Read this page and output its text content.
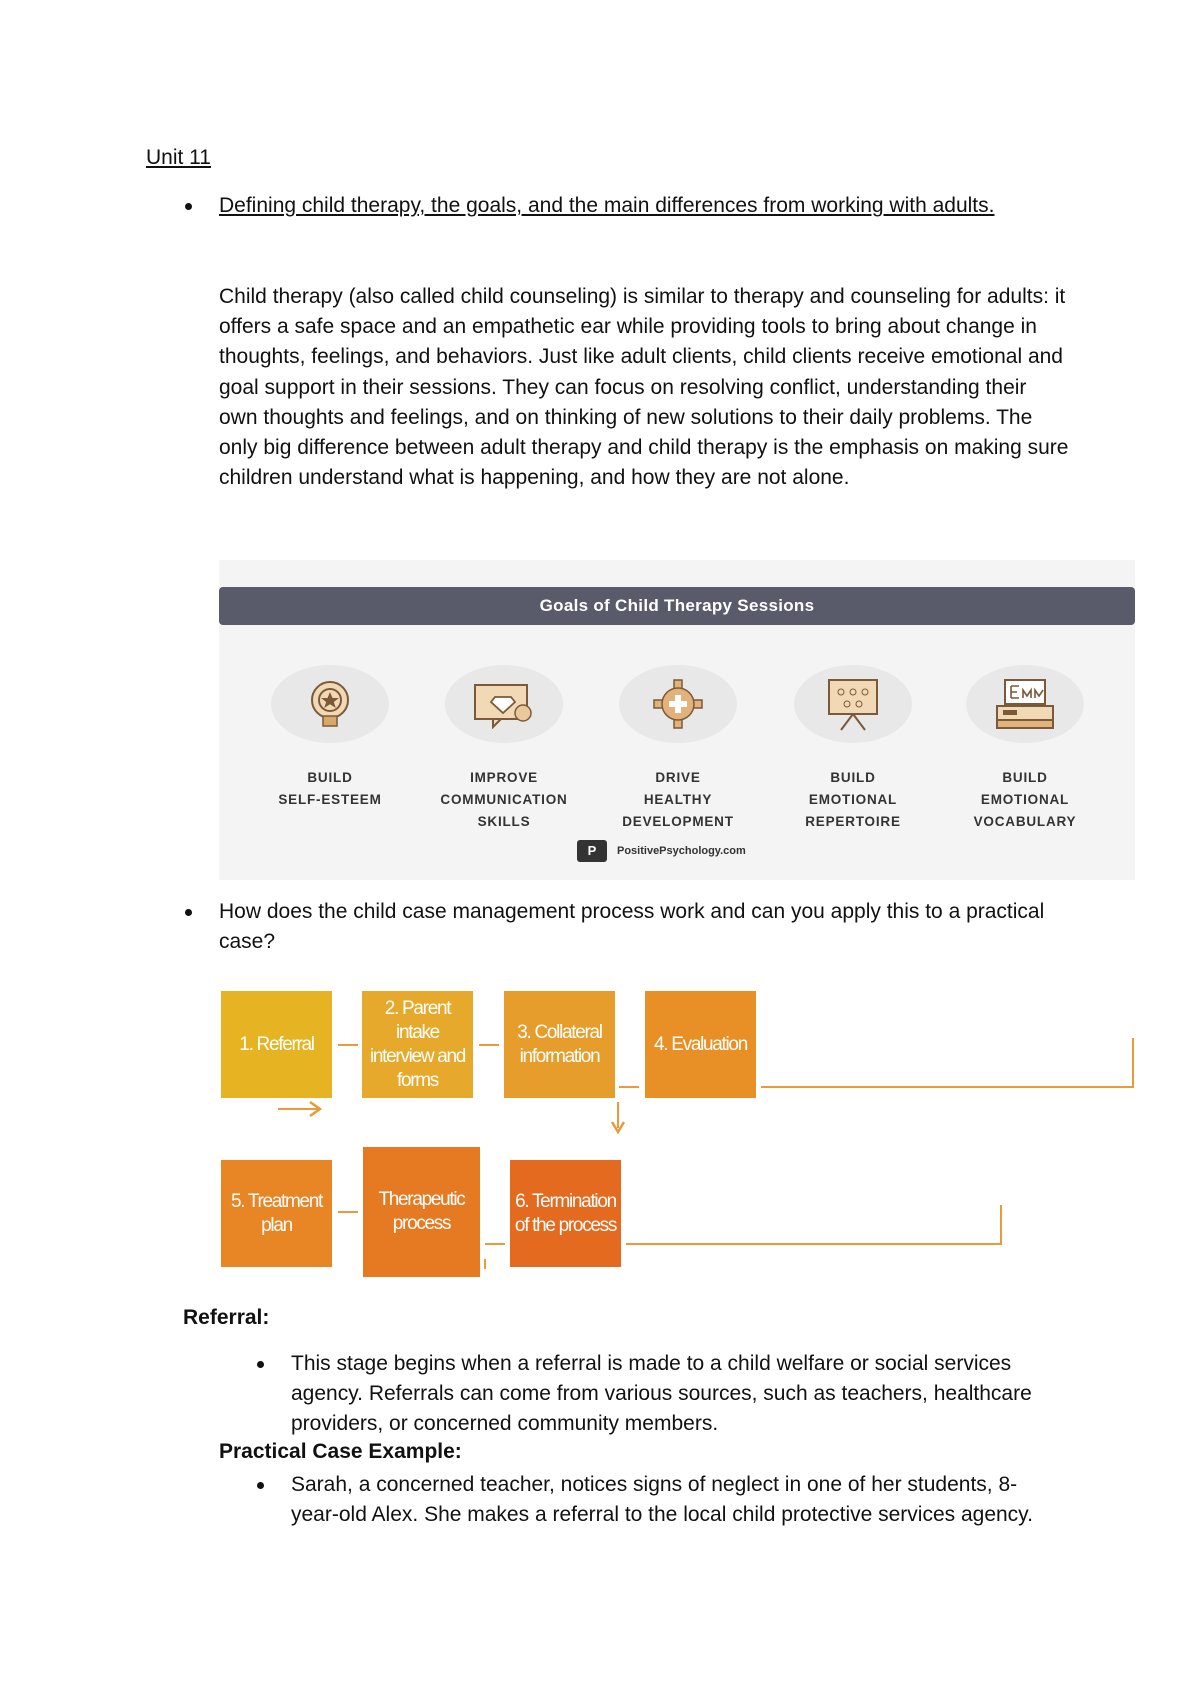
Unit 11
Defining child therapy, the goals, and the main differences from working with adults.
Child therapy (also called child counseling) is similar to therapy and counseling for adults: it offers a safe space and an empathetic ear while providing tools to bring about change in thoughts, feelings, and behaviors. Just like adult clients, child clients receive emotional and goal support in their sessions. They can focus on resolving conflict, understanding their own thoughts and feelings, and on thinking of new solutions to their daily problems. The only big difference between adult therapy and child therapy is the emphasis on making sure children understand what is happening, and how they are not alone.
Goals of Child Therapy Sessions
BUILD
SELF-ESTEEM
IMPROVE
COMMUNICATION
SKILLS
DRIVE
HEALTHY
DEVELOPMENT
BUILD
EMOTIONAL
REPERTOIRE
BUILD
EMOTIONAL
VOCABULARY
P	PositivePsychology.com
How does the child case management process work and can you apply this to a practical case?
1. Referral
2. Parent intake interview and forms
3. Collateral information
4. Evaluation
5. Treatment plan
Therapeutic process
6. Termination of the process
Referral:
This stage begins when a referral is made to a child welfare or social services agency. Referrals can come from various sources, such as teachers, healthcare providers, or concerned community members.
Practical Case Example:
Sarah, a concerned teacher, notices signs of neglect in one of her students, 8-year-old Alex. She makes a referral to the local child protective services agency.
